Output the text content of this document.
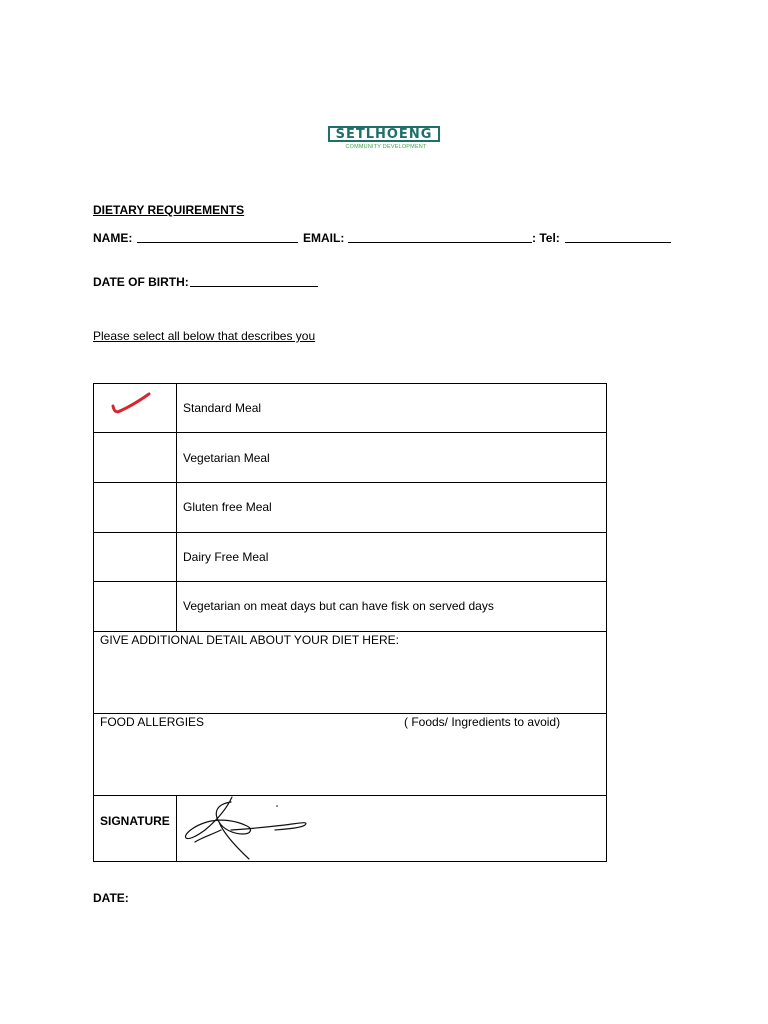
SETLHOENG
COMMUNITY DEVELOPMENT
DIETARY REQUIREMENTS
NAME:	EMAIL:	: Tel:
DATE OF BIRTH:
Please select all below that describes you
Standard Meal
Vegetarian Meal
Gluten free Meal
Dairy Free Meal
Vegetarian on meat days but can have fisk on served days
GIVE ADDITIONAL DETAIL ABOUT YOUR DIET HERE:
FOOD ALLERGIES	( Foods/ Ingredients to avoid)
SIGNATURE
DATE:
